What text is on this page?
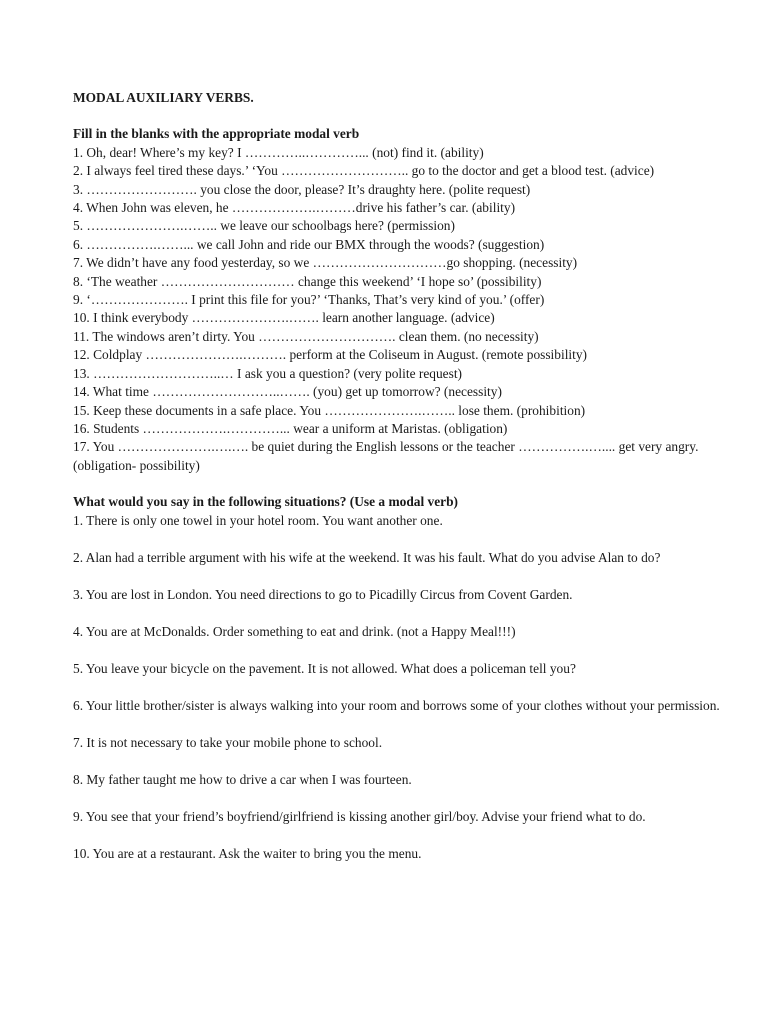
MODAL AUXILIARY VERBS.

Fill in the blanks with the appropriate modal verb

1. Oh, dear! Where’s my key? I …………..…………... (not) find it. (ability)

2. I always feel tired these days.’ ‘You ……………………….. go to the doctor and get a blood test. (advice)

3. ……………………. you close the door, please? It’s draughty here. (polite request)

4. When John was eleven, he ……………….………drive his father’s car. (ability)

5. ………………….…….. we leave our schoolbags here? (permission)

6. …………….……... we call John and ride our BMX through the woods? (suggestion)

7. We didn’t have any food yesterday, so we …………………………go shopping. (necessity)

8. ‘The weather ………………………… change this weekend’ ‘I hope so’ (possibility)

9. ‘…………………. I print this file for you?’ ‘Thanks, That’s very kind of you.’ (offer)

10. I think everybody ………………….……. learn another language. (advice)

11. The windows aren’t dirty. You …………………………. clean them. (no necessity)

12. Coldplay ………………….………. perform at the Coliseum in August. (remote possibility)

13. ………………………..… I ask you a question? (very polite request)

14. What time ………………………..……. (you) get up tomorrow? (necessity)

15. Keep these documents in a safe place. You ………………….…….. lose them. (prohibition)

16. Students ……………….…………... wear a uniform at Maristas. (obligation)

17. You ………………….….…. be quiet during the English lessons or the teacher …………….….... get very angry. (obligation- possibility)

What would you say in the following situations? (Use a modal verb)

1. There is only one towel in your hotel room. You want another one.

2. Alan had a terrible argument with his wife at the weekend. It was his fault. What do you advise Alan to do?

3. You are lost in London. You need directions to go to Picadilly Circus from Covent Garden.

4. You are at McDonalds. Order something to eat and drink. (not a Happy Meal!!!)

5. You leave your bicycle on the pavement. It is not allowed. What does a policeman tell you?

6. Your little brother/sister is always walking into your room and borrows some of your clothes without your permission.

7. It is not necessary to take your mobile phone to school.

8. My father taught me how to drive a car when I was fourteen.

9. You see that your friend’s boyfriend/girlfriend is kissing another girl/boy. Advise your friend what to do.

10. You are at a restaurant. Ask the waiter to bring you the menu.
